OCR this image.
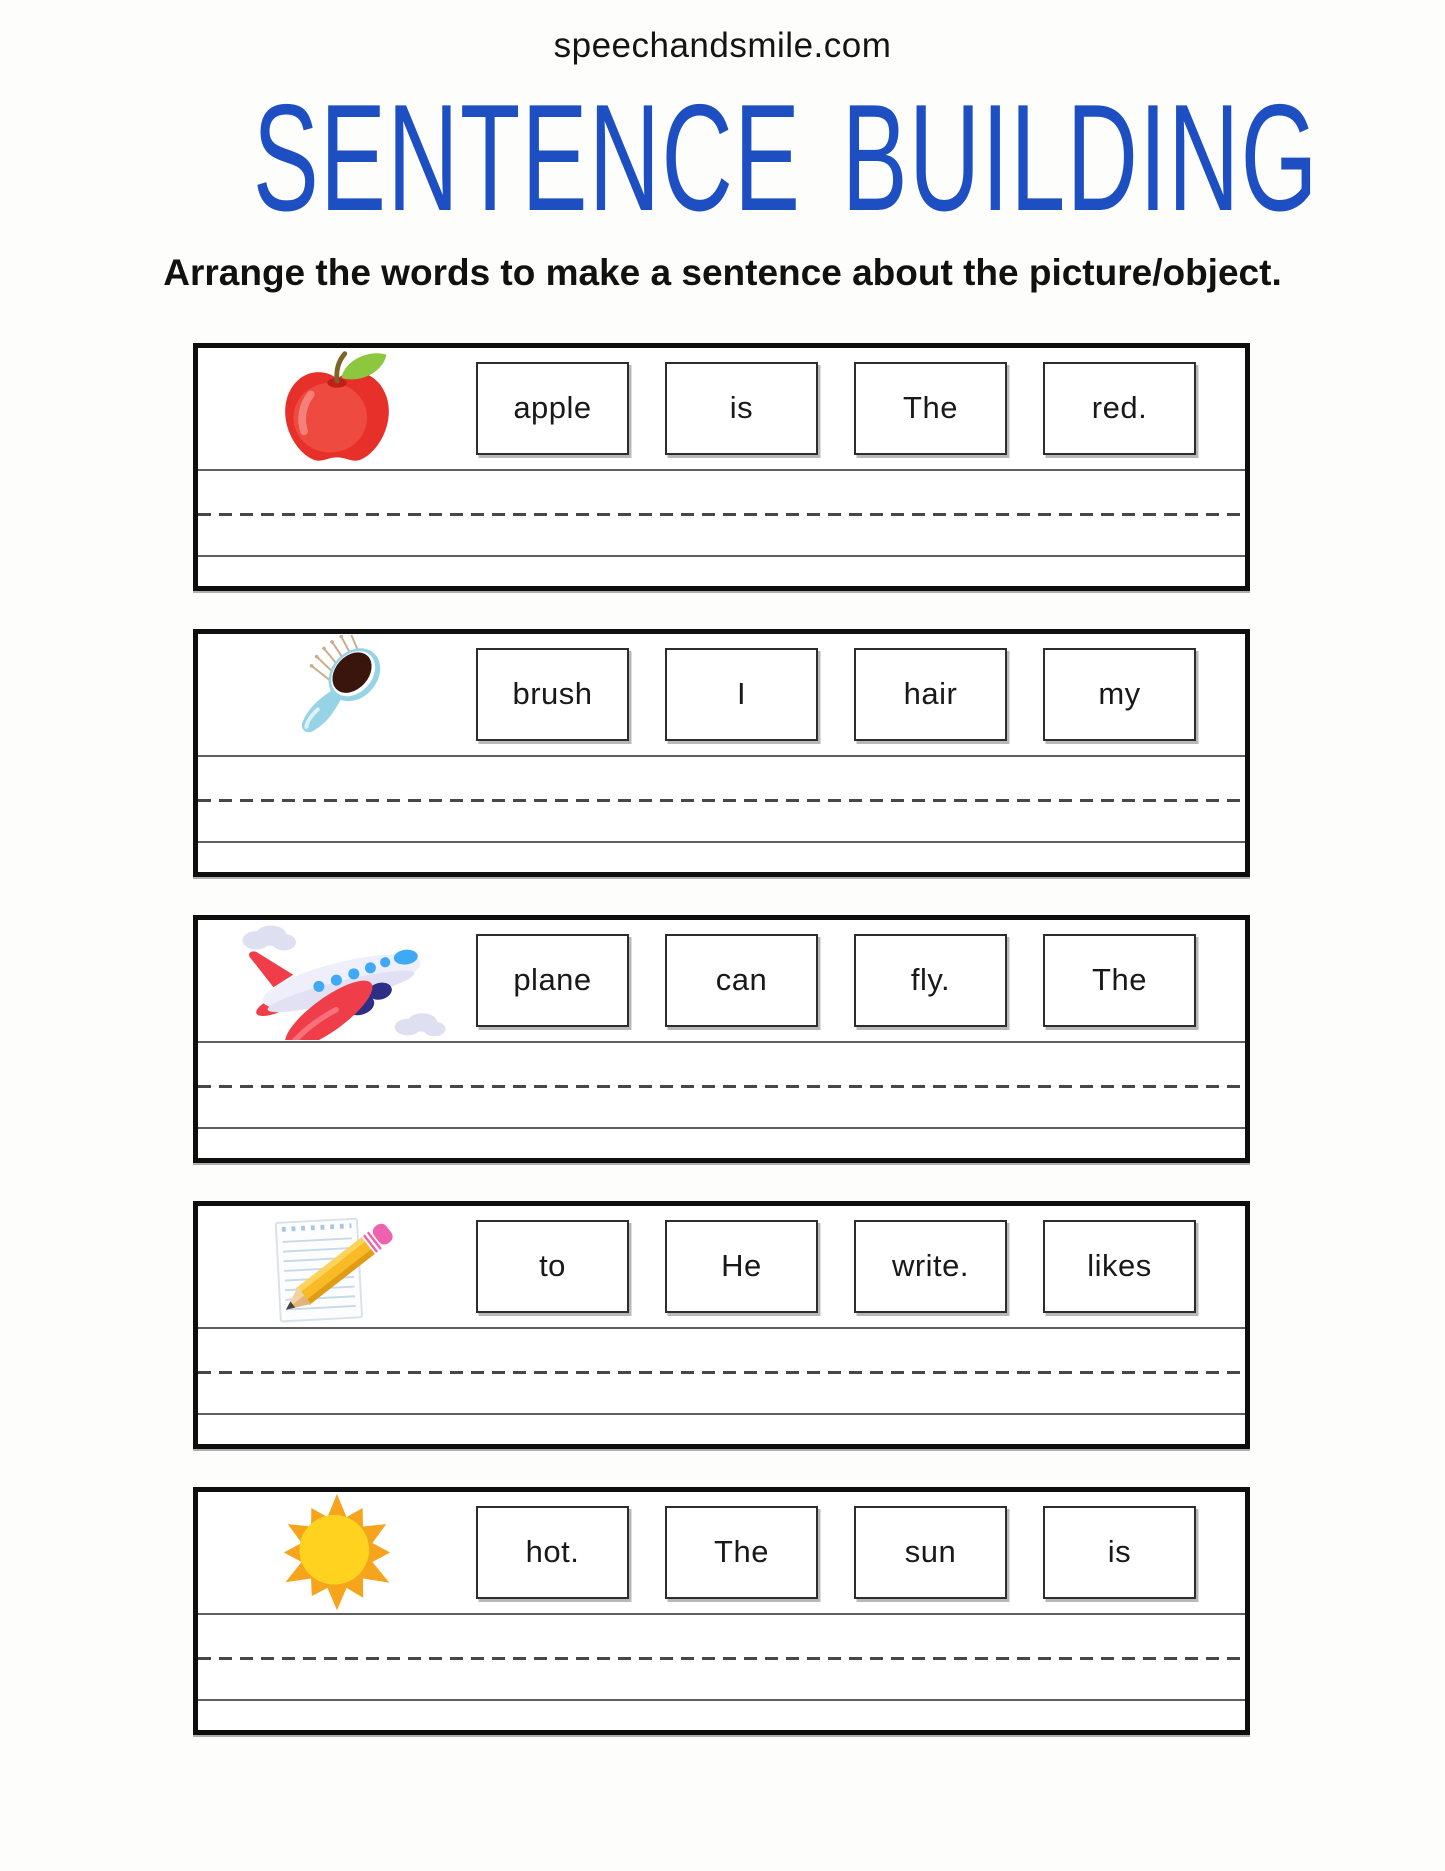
speechandsmile.com
SENTENCE BUILDING
Arrange the words to make a sentence about the picture/object.
apple	is	The	red.
brush	I	hair	my
plane	can	fly.	The
to	He	write.	likes
hot.	The	sun	is
